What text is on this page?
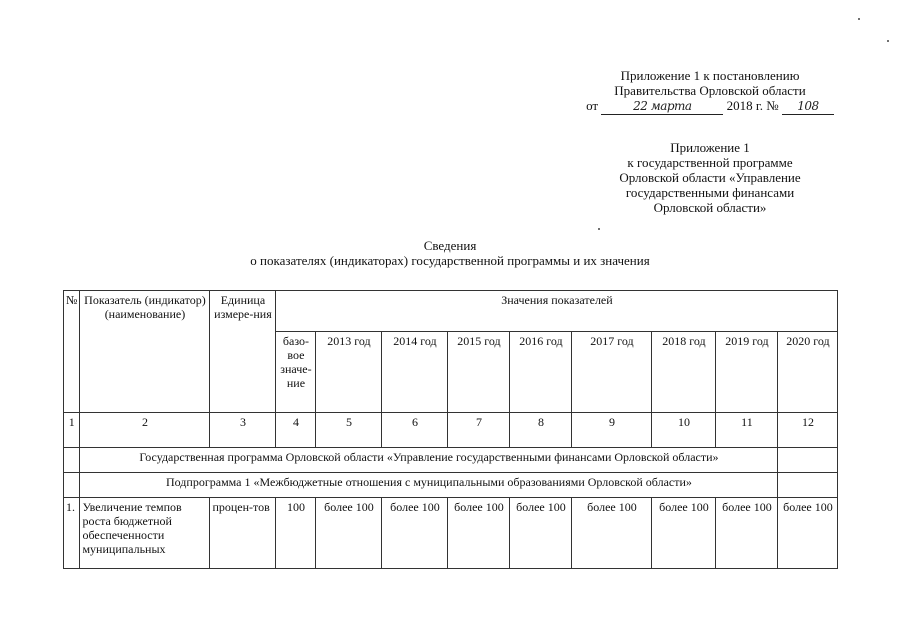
Приложение 1 к постановлению
Правительства Орловской области
от	22 марта	2018 г. № 108
Приложение 1
к государственной программе
Орловской области «Управление
государственными финансами
Орловской области»
Сведения
о показателях (индикаторах) государственной программы и их значения
№	Показатель (индикатор) (наименование)	Единица измере-ния	Значения показателей								
			базо-вое значе-ние	2013 год	2014 год	2015 год	2016 год	2017 год	2018 год	2019 год	2020 год
1	2	3	4	5	6	7	8	9	10	11	12
	Государственная программа Орловской области «Управление государственными финансами Орловской области»										
	Подпрограмма 1 «Межбюджетные отношения с муниципальными образованиями Орловской области»										
1.	Увеличение темпов роста бюджетной обеспеченности муниципальных	процен-тов	100	более 100	более 100	более 100	более 100	более 100	более 100	более 100	более 100
